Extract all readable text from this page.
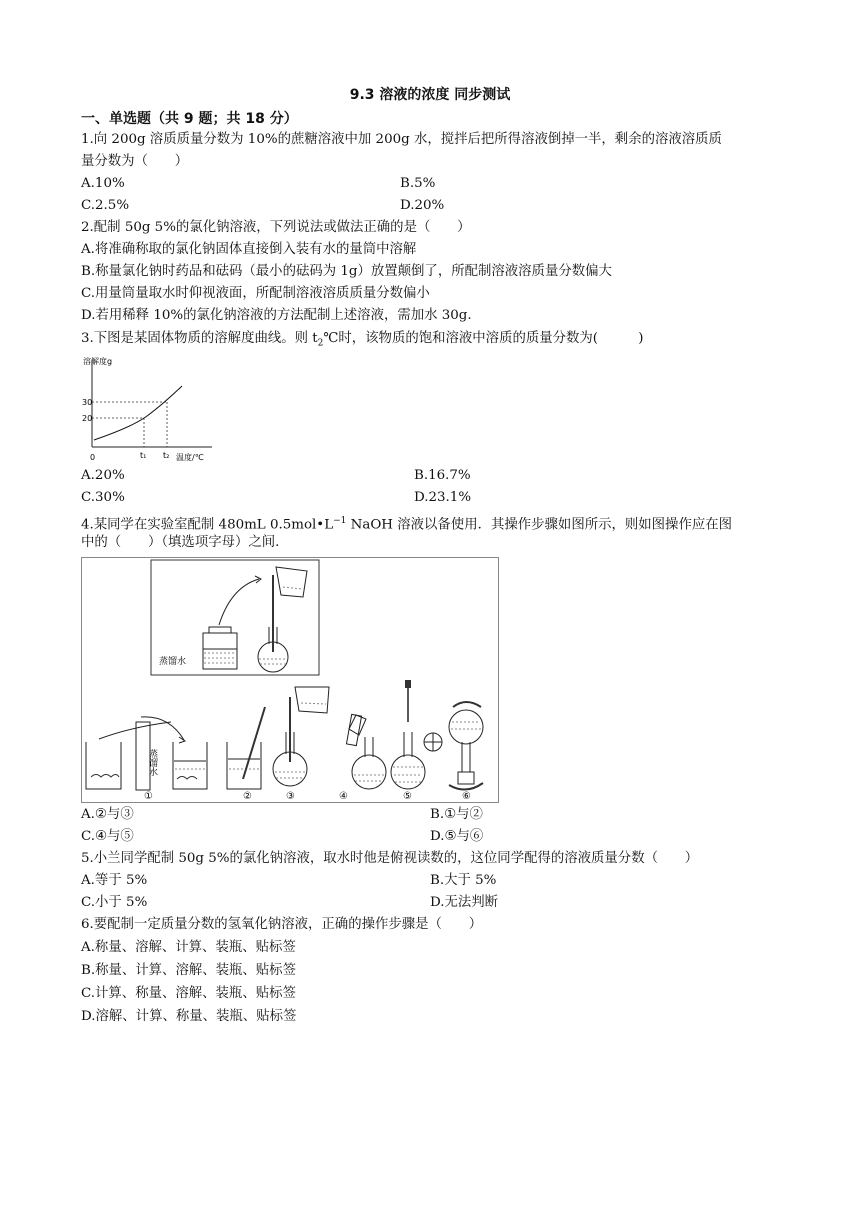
9.3 溶液的浓度 同步测试
一、单选题（共 9 题；共 18 分）
1.向 200g 溶质质量分数为 10%的蔗糖溶液中加 200g 水，搅拌后把所得溶液倒掉一半，剩余的溶液溶质质
量分数为（　　）
A.10%	B.5%
C.2.5%	D.20%
2.配制 50g 5%的氯化钠溶液，下列说法或做法正确的是（　　）
A.将准确称取的氯化钠固体直接倒入装有水的量筒中溶解
B.称量氯化钠时药品和砝码（最小的砝码为 1g）放置颠倒了，所配制溶液溶质量分数偏大
C.用量筒量取水时仰视液面，所配制溶液溶质质量分数偏小
D.若用稀释 10%的氯化钠溶液的方法配制上述溶液，需加水 30g.
3.下图是某固体物质的溶解度曲线。则 $t_2℃$时，该物质的饱和溶液中溶质的质量分数为(　　　)
溶解度g
30
20
0	t₁ t₂ 温度/℃
A.20%	B.16.7%
C.30%	D.23.1%
4.某同学在实验室配制 480mL $0.5mol•L^{-1}$ NaOH 溶液以备使用．其操作步骤如图所示，则如图操作应在图
中的（　　）（填选项字母）之间.
蒸馏水
蒸馏水
①	②	③	④	⑤	⑥
A.②与③	B.①与②
C.④与⑤	D.⑤与⑥
5.小兰同学配制 50g 5%的氯化钠溶液，取水时他是俯视读数的，这位同学配得的溶液质量分数（　　）
A.等于 5%	B.大于 5%
C.小于 5%	D.无法判断
6.要配制一定质量分数的氢氧化钠溶液，正确的操作步骤是（　　）
A.称量、溶解、计算、装瓶、贴标签
B.称量、计算、溶解、装瓶、贴标签
C.计算、称量、溶解、装瓶、贴标签
D.溶解、计算、称量、装瓶、贴标签
